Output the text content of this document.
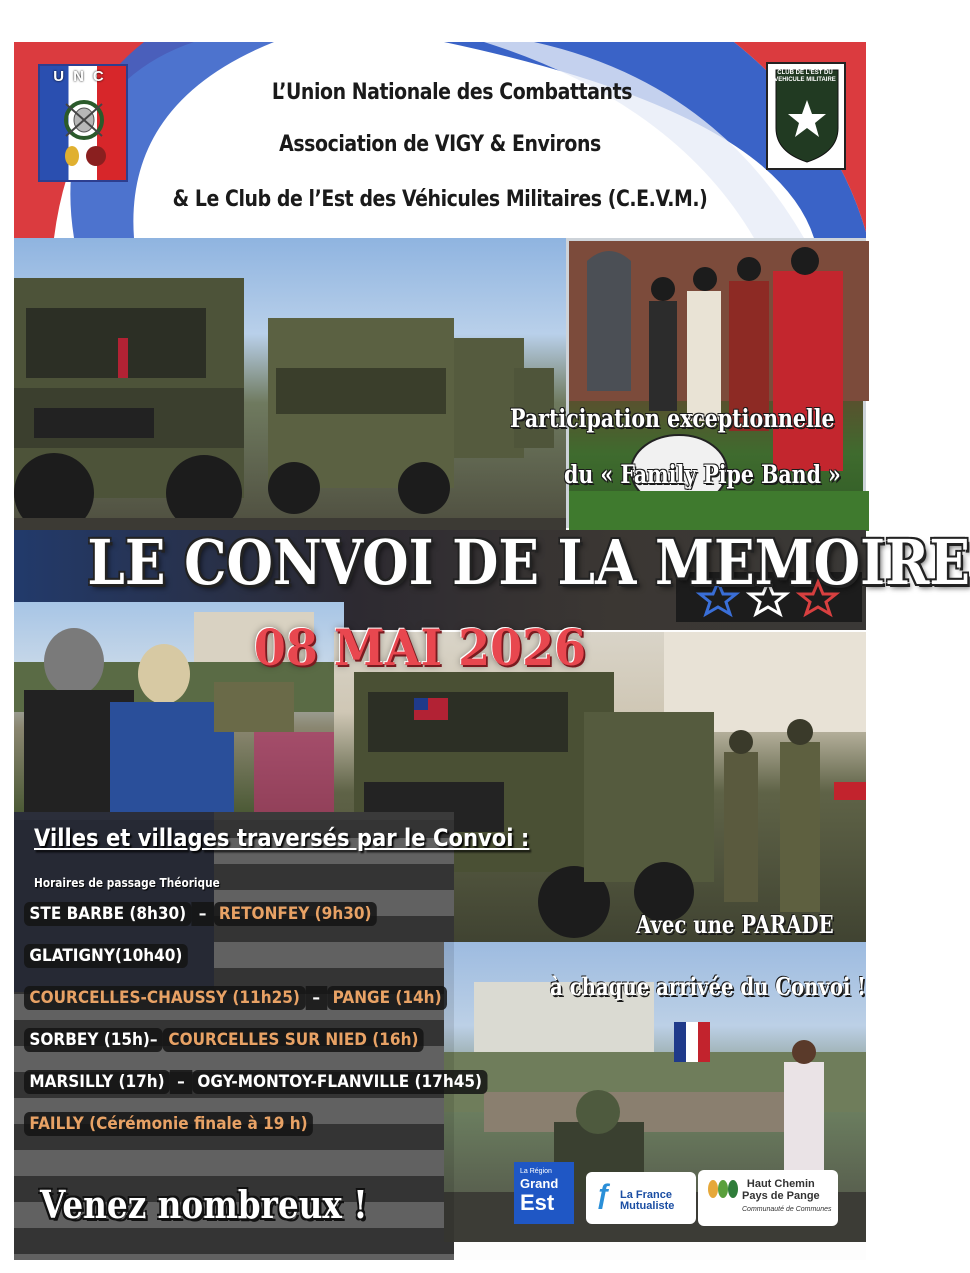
UNC	CLUB DE L'EST DU VEHICULE MILITAIRE
L’Union Nationale des Combattants
Association de VIGY & Environs
& Le Club de l’Est des Véhicules Militaires (C.E.V.M.)
Participation exceptionnelle
du « Family Pipe Band »
LE CONVOI DE LA MEMOIRE
08 MAI 2026
Villes et villages traversés par le Convoi :
Horaires de passage Théorique
STE BARBE (8h30) – RETONFEY (9h30)
GLATIGNY(10h40)
COURCELLES-CHAUSSY (11h25) – PANGE (14h)
SORBEY (15h)– COURCELLES SUR NIED (16h)
MARSILLY (17h) – OGY-MONTOY-FLANVILLE (17h45)
FAILLY (Cérémonie finale à 19 h)
Avec une PARADE
à chaque arrivée du Convoi !
Venez nombreux !
La Région
Grand
Est ƒ La France Mutualiste
Haut Chemin
Pays de Pange
Communauté de Communes
